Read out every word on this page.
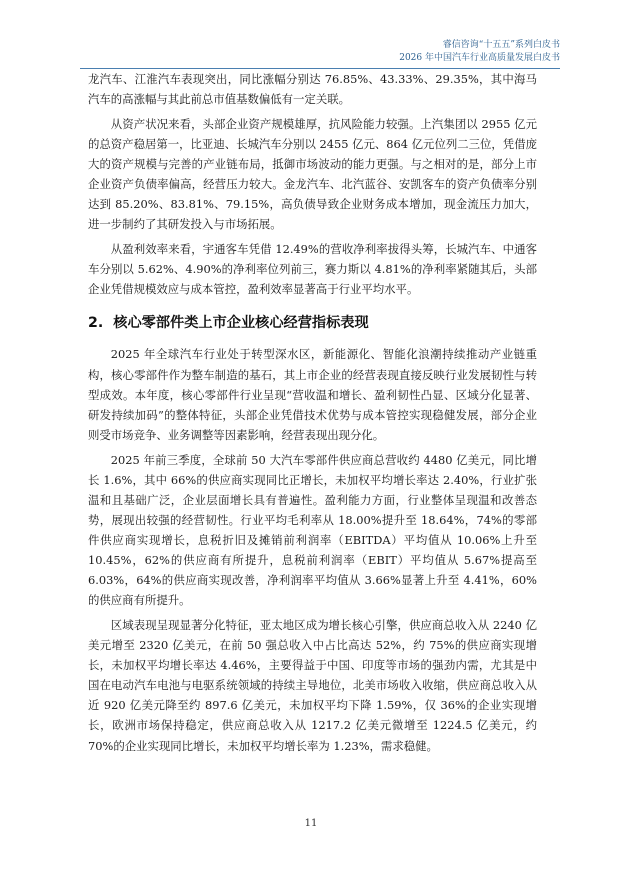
睿信咨询“十五五”系列白皮书
2026 年中国汽车行业高质量发展白皮书

龙汽车、江淮汽车表现突出，同比涨幅分别达 76.85%、43.33%、29.35%，其中海马汽车的高涨幅与其此前总市值基数偏低有一定关联。

从资产状况来看，头部企业资产规模雄厚，抗风险能力较强。上汽集团以 2955 亿元的总资产稳居第一，比亚迪、长城汽车分别以 2455 亿元、864 亿元位列二三位，凭借庞大的资产规模与完善的产业链布局，抵御市场波动的能力更强。与之相对的是，部分上市企业资产负债率偏高，经营压力较大。金龙汽车、北汽蓝谷、安凯客车的资产负债率分别达到 85.20%、83.81%、79.15%，高负债导致企业财务成本增加，现金流压力加大，进一步制约了其研发投入与市场拓展。

从盈利效率来看，宇通客车凭借 12.49%的营收净利率拔得头筹，长城汽车、中通客车分别以 5.62%、4.90%的净利率位列前三，赛力斯以 4.81%的净利率紧随其后，头部企业凭借规模效应与成本管控，盈利效率显著高于行业平均水平。

2. 核心零部件类上市企业核心经营指标表现

2025 年全球汽车行业处于转型深水区，新能源化、智能化浪潮持续推动产业链重构，核心零部件作为整车制造的基石，其上市企业的经营表现直接反映行业发展韧性与转型成效。本年度，核心零部件行业呈现“营收温和增长、盈利韧性凸显、区域分化显著、研发持续加码”的整体特征，头部企业凭借技术优势与成本管控实现稳健发展，部分企业则受市场竞争、业务调整等因素影响，经营表现出现分化。

2025 年前三季度，全球前 50 大汽车零部件供应商总营收约 4480 亿美元，同比增长 1.6%，其中 66%的供应商实现同比正增长，未加权平均增长率达 2.40%，行业扩张温和且基础广泛，企业层面增长具有普遍性。盈利能力方面，行业整体呈现温和改善态势，展现出较强的经营韧性。行业平均毛利率从 18.00%提升至 18.64%，74%的零部件供应商实现增长，息税折旧及摊销前利润率（EBITDA）平均值从 10.06%上升至 10.45%，62%的供应商有所提升，息税前利润率（EBIT）平均值从 5.67%提高至 6.03%，64%的供应商实现改善，净利润率平均值从 3.66%显著上升至 4.41%，60%的供应商有所提升。

区域表现呈现显著分化特征，亚太地区成为增长核心引擎，供应商总收入从 2240 亿美元增至 2320 亿美元，在前 50 强总收入中占比高达 52%，约 75%的供应商实现增长，未加权平均增长率达 4.46%，主要得益于中国、印度等市场的强劲内需，尤其是中国在电动汽车电池与电驱系统领域的持续主导地位，北美市场收入收缩，供应商总收入从近 920 亿美元降至约 897.6 亿美元，未加权平均下降 1.59%，仅 36%的企业实现增长，欧洲市场保持稳定，供应商总收入从 1217.2 亿美元微增至 1224.5 亿美元，约 70%的企业实现同比增长，未加权平均增长率为 1.23%，需求稳健。

11
